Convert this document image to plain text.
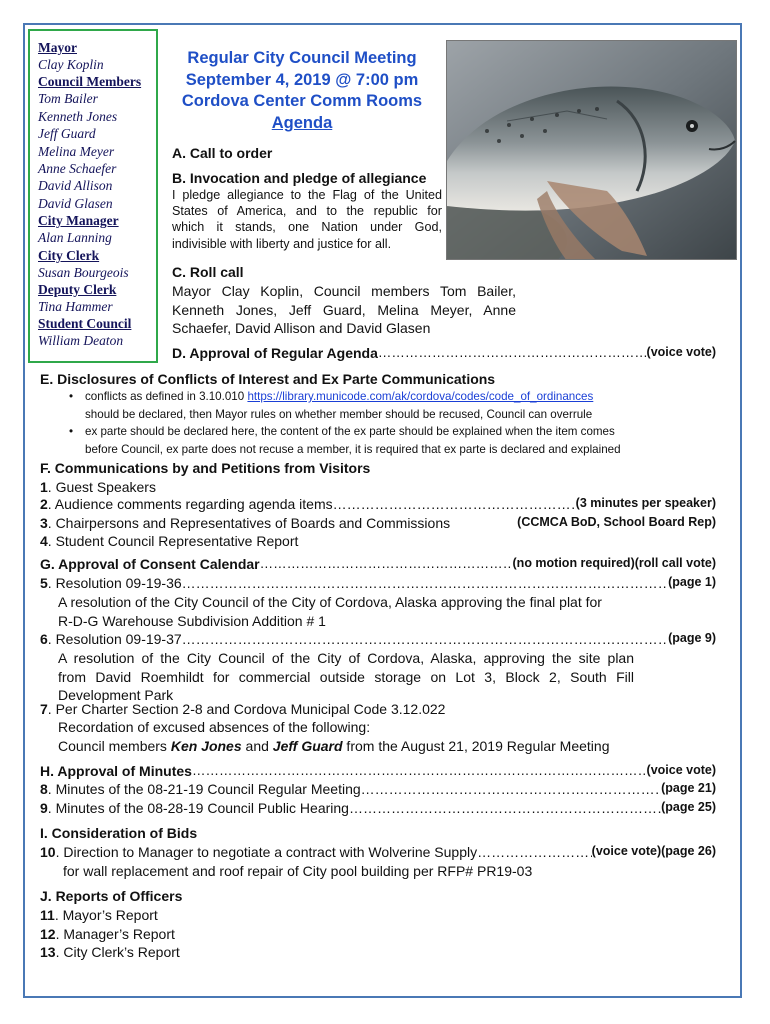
Mayor
Clay Koplin
Council Members
Tom Bailer
Kenneth Jones
Jeff Guard
Melina Meyer
Anne Schaefer
David Allison
David Glasen
City Manager
Alan Lanning
City Clerk
Susan Bourgeois
Deputy Clerk
Tina Hammer
Student Council
William Deaton
Regular City Council Meeting
September 4, 2019 @ 7:00 pm
Cordova Center Comm Rooms
Agenda
A. Call to order
B. Invocation and pledge of allegiance
I pledge allegiance to the Flag of the United
States of America, and to the republic for
which it stands, one Nation under God,
indivisible with liberty and justice for all.
C. Roll call
Mayor Clay Koplin, Council members Tom Bailer,
Kenneth Jones, Jeff Guard, Melina Meyer, Anne
Schaefer, David Allison and David Glasen
D. Approval of Regular Agenda ……………………………………………………………………………………………………………………………………………………………………………………………	(voice vote)
E. Disclosures of Conflicts of Interest and Ex Parte Communications
• conflicts as defined in 3.10.010 https://library.municode.com/ak/cordova/codes/code_of_ordinances
should be declared, then Mayor rules on whether member should be recused, Council can overrule
• ex parte should be declared here, the content of the ex parte should be explained when the item comes
before Council, ex parte does not recuse a member, it is required that ex parte is declared and explained
F. Communications by and Petitions from Visitors
1. Guest Speakers
2. Audience comments regarding agenda items ……………………………………………………………………………………………………………………………………………………………………………………………	(3 minutes per speaker)
3. Chairpersons and Representatives of Boards and Commissions	(CCMCA BoD, School Board Rep)
4. Student Council Representative Report
G. Approval of Consent Calendar ……………………………………………………………………………………………………………………………………………………………………………………………	(no motion required)(roll call vote)
5. Resolution 09-19-36 ……………………………………………………………………………………………………………………………………………………………………………………………	(page 1)
A resolution of the City Council of the City of Cordova, Alaska approving the final plat for
R-D-G Warehouse Subdivision Addition # 1
6. Resolution 09-19-37 ……………………………………………………………………………………………………………………………………………………………………………………………	(page 9)
A resolution of the City Council of the City of Cordova, Alaska, approving the site plan
from David Roemhildt for commercial outside storage on Lot 3, Block 2, South Fill
Development Park
7. Per Charter Section 2-8 and Cordova Municipal Code 3.12.022
Recordation of excused absences of the following:
Council members Ken Jones and Jeff Guard from the August 21, 2019 Regular Meeting
H. Approval of Minutes ……………………………………………………………………………………………………………………………………………………………………………………………	(voice vote)
8. Minutes of the 08-21-19 Council Regular Meeting ……………………………………………………………………………………………………………………………………………………………………………………………	(page 21)
9. Minutes of the 08-28-19 Council Public Hearing ……………………………………………………………………………………………………………………………………………………………………………………………	(page 25)
I. Consideration of Bids
10. Direction to Manager to negotiate a contract with Wolverine Supply ……………………………………………………………………………………………………………………………………………………………………………………………	(voice vote)(page 26)
for wall replacement and roof repair of City pool building per RFP# PR19-03
J. Reports of Officers
11. Mayor’s Report
12. Manager’s Report
13. City Clerk’s Report
